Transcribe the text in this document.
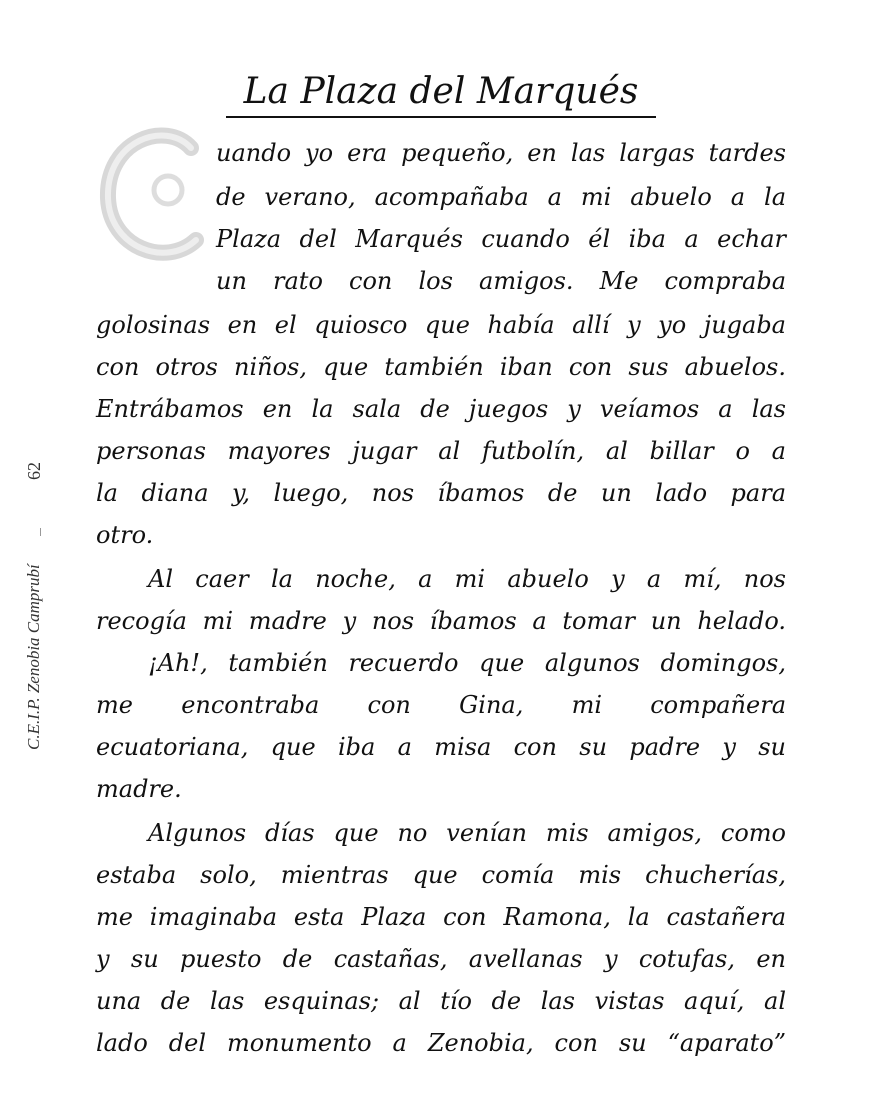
La Plaza del Marqués
62
C.E.I.P. Zenobia Camprubí
uando yo era pequeño, en las largas tardes
de verano, acompañaba a mi abuelo a la
Plaza del Marqués cuando él iba a echar
un rato con los amigos. Me compraba
golosinas en el quiosco que había allí y yo jugaba
con otros niños, que también iban con sus abuelos.
Entrábamos en la sala de juegos y veíamos a las
personas mayores jugar al futbolín, al billar o a
la diana y, luego, nos íbamos de un lado para
otro.
Al caer la noche, a mi abuelo y a mí, nos
recogía mi madre y nos íbamos a tomar un helado.
¡Ah!, también recuerdo que algunos domingos,
me encontraba con Gina, mi compañera
ecuatoriana, que iba a misa con su padre y su
madre.
Algunos días que no venían mis amigos, como
estaba solo, mientras que comía mis chucherías,
me imaginaba esta Plaza con Ramona, la castañera
y su puesto de castañas, avellanas y cotufas, en
una de las esquinas; al tío de las vistas aquí, al
lado del monumento a Zenobia, con su “aparato”
